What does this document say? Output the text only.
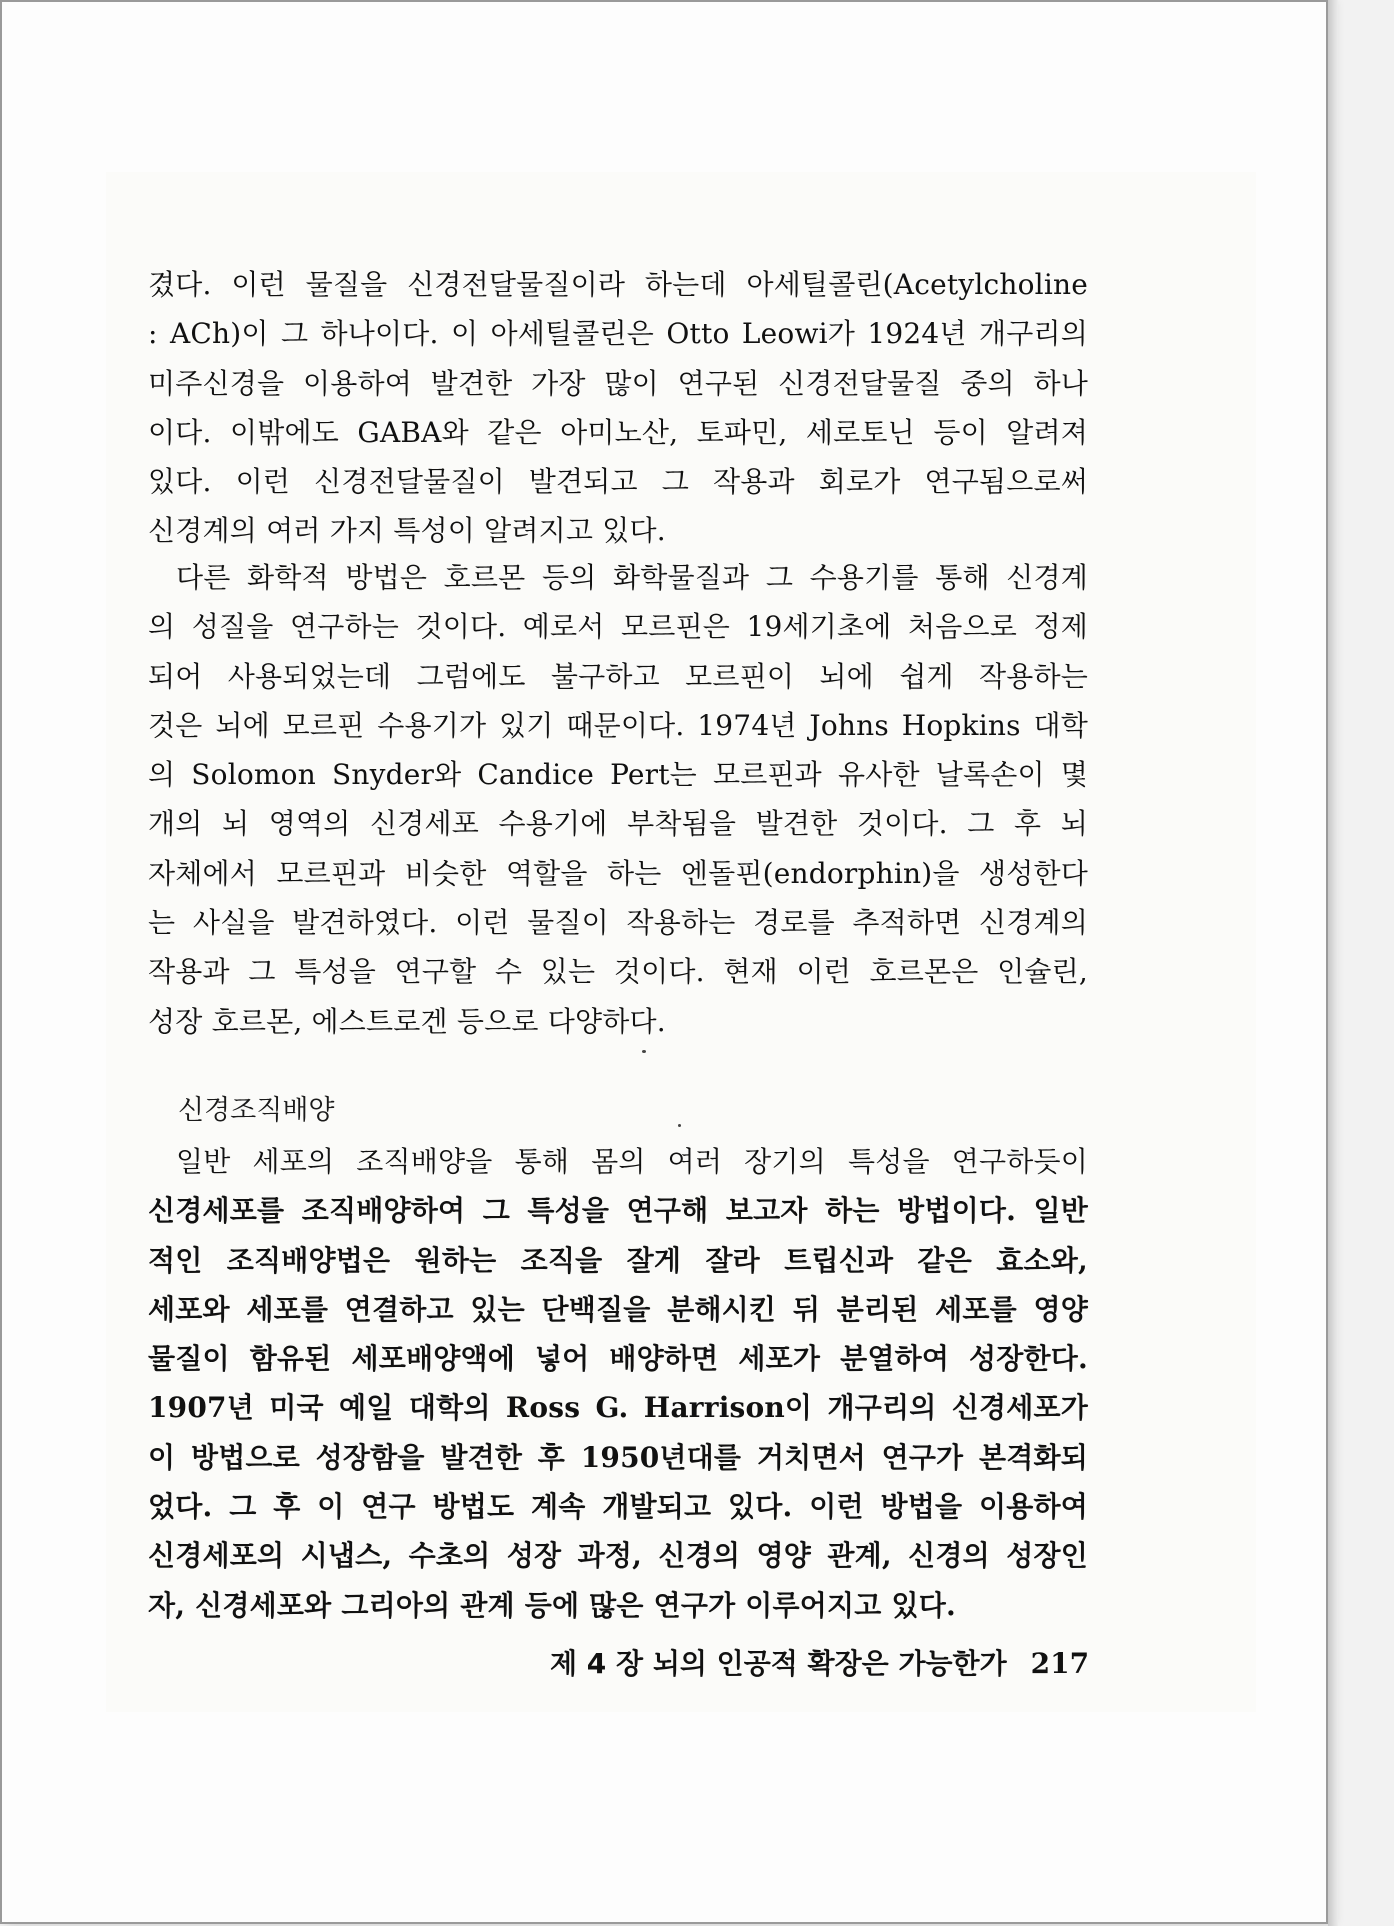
겼다. 이런 물질을 신경전달물질이라 하는데 아세틸콜린(Acetylcholine
: ACh)이 그 하나이다. 이 아세틸콜린은 Otto Leowi가 1924년 개구리의
미주신경을 이용하여 발견한 가장 많이 연구된 신경전달물질 중의 하나
이다. 이밖에도 GABA와 같은 아미노산, 토파민, 세로토닌 등이 알려져
있다. 이런 신경전달물질이 발견되고 그 작용과 회로가 연구됨으로써
신경계의 여러 가지 특성이 알려지고 있다.
다른 화학적 방법은 호르몬 등의 화학물질과 그 수용기를 통해 신경계
의 성질을 연구하는 것이다. 예로서 모르핀은 19세기초에 처음으로 정제
되어 사용되었는데 그럼에도 불구하고 모르핀이 뇌에 쉽게 작용하는
것은 뇌에 모르핀 수용기가 있기 때문이다. 1974년 Johns Hopkins 대학
의 Solomon Snyder와 Candice Pert는 모르핀과 유사한 날록손이 몇
개의 뇌 영역의 신경세포 수용기에 부착됨을 발견한 것이다. 그 후 뇌
자체에서 모르핀과 비슷한 역할을 하는 엔돌핀(endorphin)을 생성한다
는 사실을 발견하였다. 이런 물질이 작용하는 경로를 추적하면 신경계의
작용과 그 특성을 연구할 수 있는 것이다. 현재 이런 호르몬은 인슐린,
성장 호르몬, 에스트로겐 등으로 다양하다.
신경조직배양
일반 세포의 조직배양을 통해 몸의 여러 장기의 특성을 연구하듯이
신경세포를 조직배양하여 그 특성을 연구해 보고자 하는 방법이다. 일반
적인 조직배양법은 원하는 조직을 잘게 잘라 트립신과 같은 효소와,
세포와 세포를 연결하고 있는 단백질을 분해시킨 뒤 분리된 세포를 영양
물질이 함유된 세포배양액에 넣어 배양하면 세포가 분열하여 성장한다.
1907년 미국 예일 대학의 Ross G. Harrison이 개구리의 신경세포가
이 방법으로 성장함을 발견한 후 1950년대를 거치면서 연구가 본격화되
었다. 그 후 이 연구 방법도 계속 개발되고 있다. 이런 방법을 이용하여
신경세포의 시냅스, 수초의 성장 과정, 신경의 영양 관계, 신경의 성장인
자, 신경세포와 그리아의 관계 등에 많은 연구가 이루어지고 있다.
제 4 장 뇌의 인공적 확장은 가능한가 217
